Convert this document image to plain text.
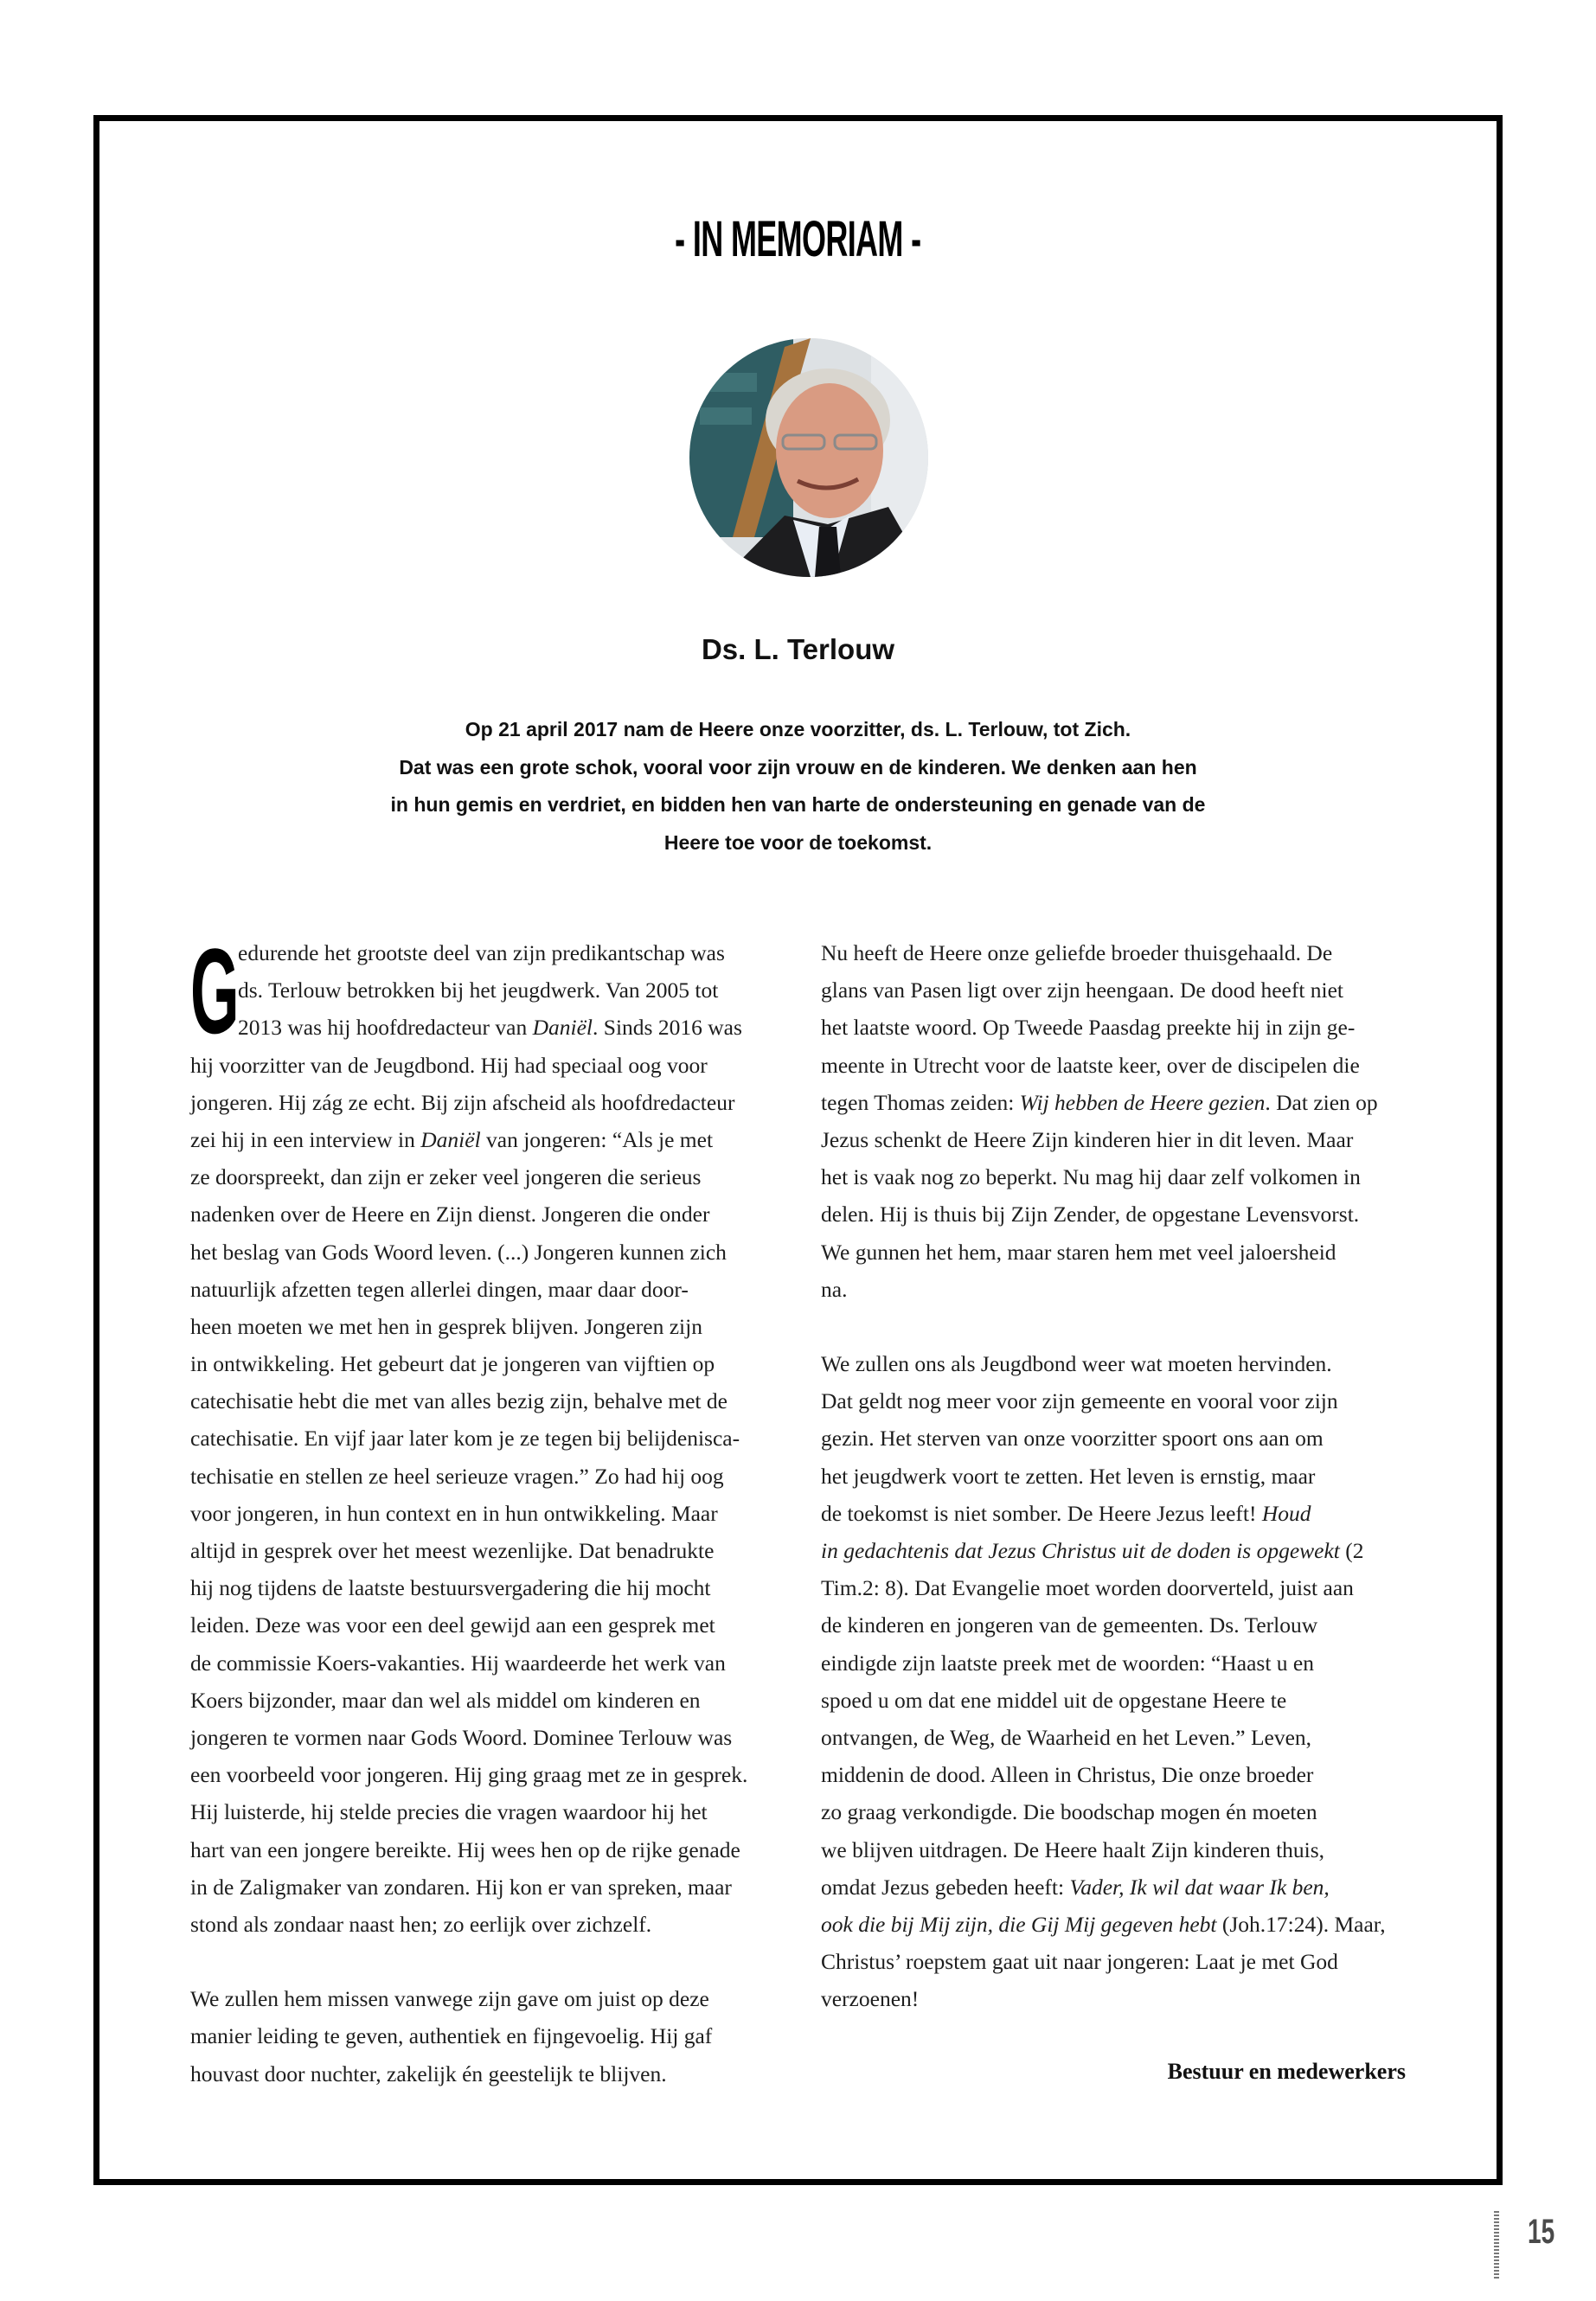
- IN MEMORIAM -
Ds. L. Terlouw
Op 21 april 2017 nam de Heere onze voorzitter, ds. L. Terlouw, tot Zich.
Dat was een grote schok, vooral voor zijn vrouw en de kinderen. We denken aan hen
in hun gemis en verdriet, en bidden hen van harte de ondersteuning en genade van de
Heere toe voor de toekomst.
G
edurende het grootste deel van zijn predikantschap was
ds. Terlouw betrokken bij het jeugdwerk. Van 2005 tot
2013 was hij hoofdredacteur van Daniël. Sinds 2016 was
hij voorzitter van de Jeugdbond. Hij had speciaal oog voor
jongeren. Hij zág ze echt. Bij zijn afscheid als hoofdredacteur
zei hij in een interview in Daniël van jongeren: “Als je met
ze doorspreekt, dan zijn er zeker veel jongeren die serieus
nadenken over de Heere en Zijn dienst. Jongeren die onder
het beslag van Gods Woord leven. (...) Jongeren kunnen zich
natuurlijk afzetten tegen allerlei dingen, maar daar door-
heen moeten we met hen in gesprek blijven. Jongeren zijn
in ontwikkeling. Het gebeurt dat je jongeren van vijftien op
catechisatie hebt die met van alles bezig zijn, behalve met de
catechisatie. En vijf jaar later kom je ze tegen bij belijdenisca-
techisatie en stellen ze heel serieuze vragen.” Zo had hij oog
voor jongeren, in hun context en in hun ontwikkeling. Maar
altijd in gesprek over het meest wezenlijke. Dat benadrukte
hij nog tijdens de laatste bestuursvergadering die hij mocht
leiden. Deze was voor een deel gewijd aan een gesprek met
de commissie Koers-vakanties. Hij waardeerde het werk van
Koers bijzonder, maar dan wel als middel om kinderen en
jongeren te vormen naar Gods Woord. Dominee Terlouw was
een voorbeeld voor jongeren. Hij ging graag met ze in gesprek.
Hij luisterde, hij stelde precies die vragen waardoor hij het
hart van een jongere bereikte. Hij wees hen op de rijke genade
in de Zaligmaker van zondaren. Hij kon er van spreken, maar
stond als zondaar naast hen; zo eerlijk over zichzelf.
We zullen hem missen vanwege zijn gave om juist op deze
manier leiding te geven, authentiek en fijngevoelig. Hij gaf
houvast door nuchter, zakelijk én geestelijk te blijven.
Nu heeft de Heere onze geliefde broeder thuisgehaald. De
glans van Pasen ligt over zijn heengaan. De dood heeft niet
het laatste woord. Op Tweede Paasdag preekte hij in zijn ge-
meente in Utrecht voor de laatste keer, over de discipelen die
tegen Thomas zeiden: Wij hebben de Heere gezien. Dat zien op
Jezus schenkt de Heere Zijn kinderen hier in dit leven. Maar
het is vaak nog zo beperkt. Nu mag hij daar zelf volkomen in
delen. Hij is thuis bij Zijn Zender, de opgestane Levensvorst.
We gunnen het hem, maar staren hem met veel jaloersheid
na.
We zullen ons als Jeugdbond weer wat moeten hervinden.
Dat geldt nog meer voor zijn gemeente en vooral voor zijn
gezin. Het sterven van onze voorzitter spoort ons aan om
het jeugdwerk voort te zetten. Het leven is ernstig, maar
de toekomst is niet somber. De Heere Jezus leeft! Houd
in gedachtenis dat Jezus Christus uit de doden is opgewekt (2
Tim.2: 8). Dat Evangelie moet worden doorverteld, juist aan
de kinderen en jongeren van de gemeenten. Ds. Terlouw
eindigde zijn laatste preek met de woorden: “Haast u en
spoed u om dat ene middel uit de opgestane Heere te
ontvangen, de Weg, de Waarheid en het Leven.” Leven,
middenin de dood. Alleen in Christus, Die onze broeder
zo graag verkondigde. Die boodschap mogen én moeten
we blijven uitdragen. De Heere haalt Zijn kinderen thuis,
omdat Jezus gebeden heeft: Vader, Ik wil dat waar Ik ben,
ook die bij Mij zijn, die Gij Mij gegeven hebt (Joh.17:24). Maar,
Christus’ roepstem gaat uit naar jongeren: Laat je met God
verzoenen!
Bestuur en medewerkers
15
